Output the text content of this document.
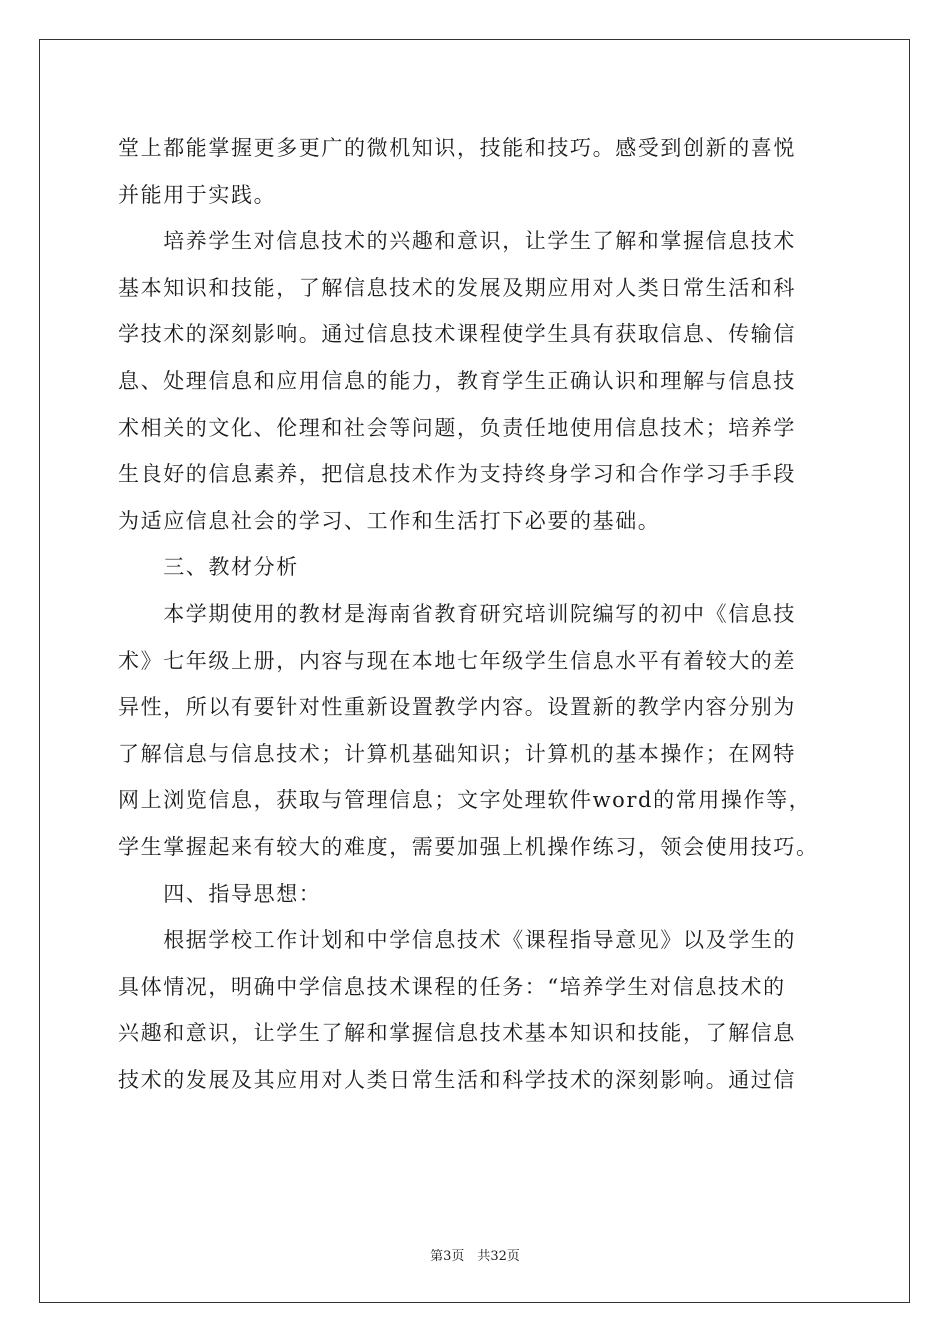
堂上都能掌握更多更广的微机知识，技能和技巧。感受到创新的喜悦
并能用于实践。
　　培养学生对信息技术的兴趣和意识，让学生了解和掌握信息技术
基本知识和技能，了解信息技术的发展及期应用对人类日常生活和科
学技术的深刻影响。通过信息技术课程使学生具有获取信息、传输信
息、处理信息和应用信息的能力，教育学生正确认识和理解与信息技
术相关的文化、伦理和社会等问题，负责任地使用信息技术；培养学
生良好的信息素养，把信息技术作为支持终身学习和合作学习手手段
为适应信息社会的学习、工作和生活打下必要的基础。
　　三、教材分析
　　本学期使用的教材是海南省教育研究培训院编写的初中《信息技
术》七年级上册，内容与现在本地七年级学生信息水平有着较大的差
异性，所以有要针对性重新设置教学内容。设置新的教学内容分别为
了解信息与信息技术；计算机基础知识；计算机的基本操作；在网特
网上浏览信息，获取与管理信息；文字处理软件word的常用操作等，
学生掌握起来有较大的难度，需要加强上机操作练习，领会使用技巧。
　　四、指导思想：
　　根据学校工作计划和中学信息技术《课程指导意见》以及学生的
具体情况，明确中学信息技术课程的任务：“培养学生对信息技术的
兴趣和意识，让学生了解和掌握信息技术基本知识和技能，了解信息
技术的发展及其应用对人类日常生活和科学技术的深刻影响。通过信
第3页　共32页
